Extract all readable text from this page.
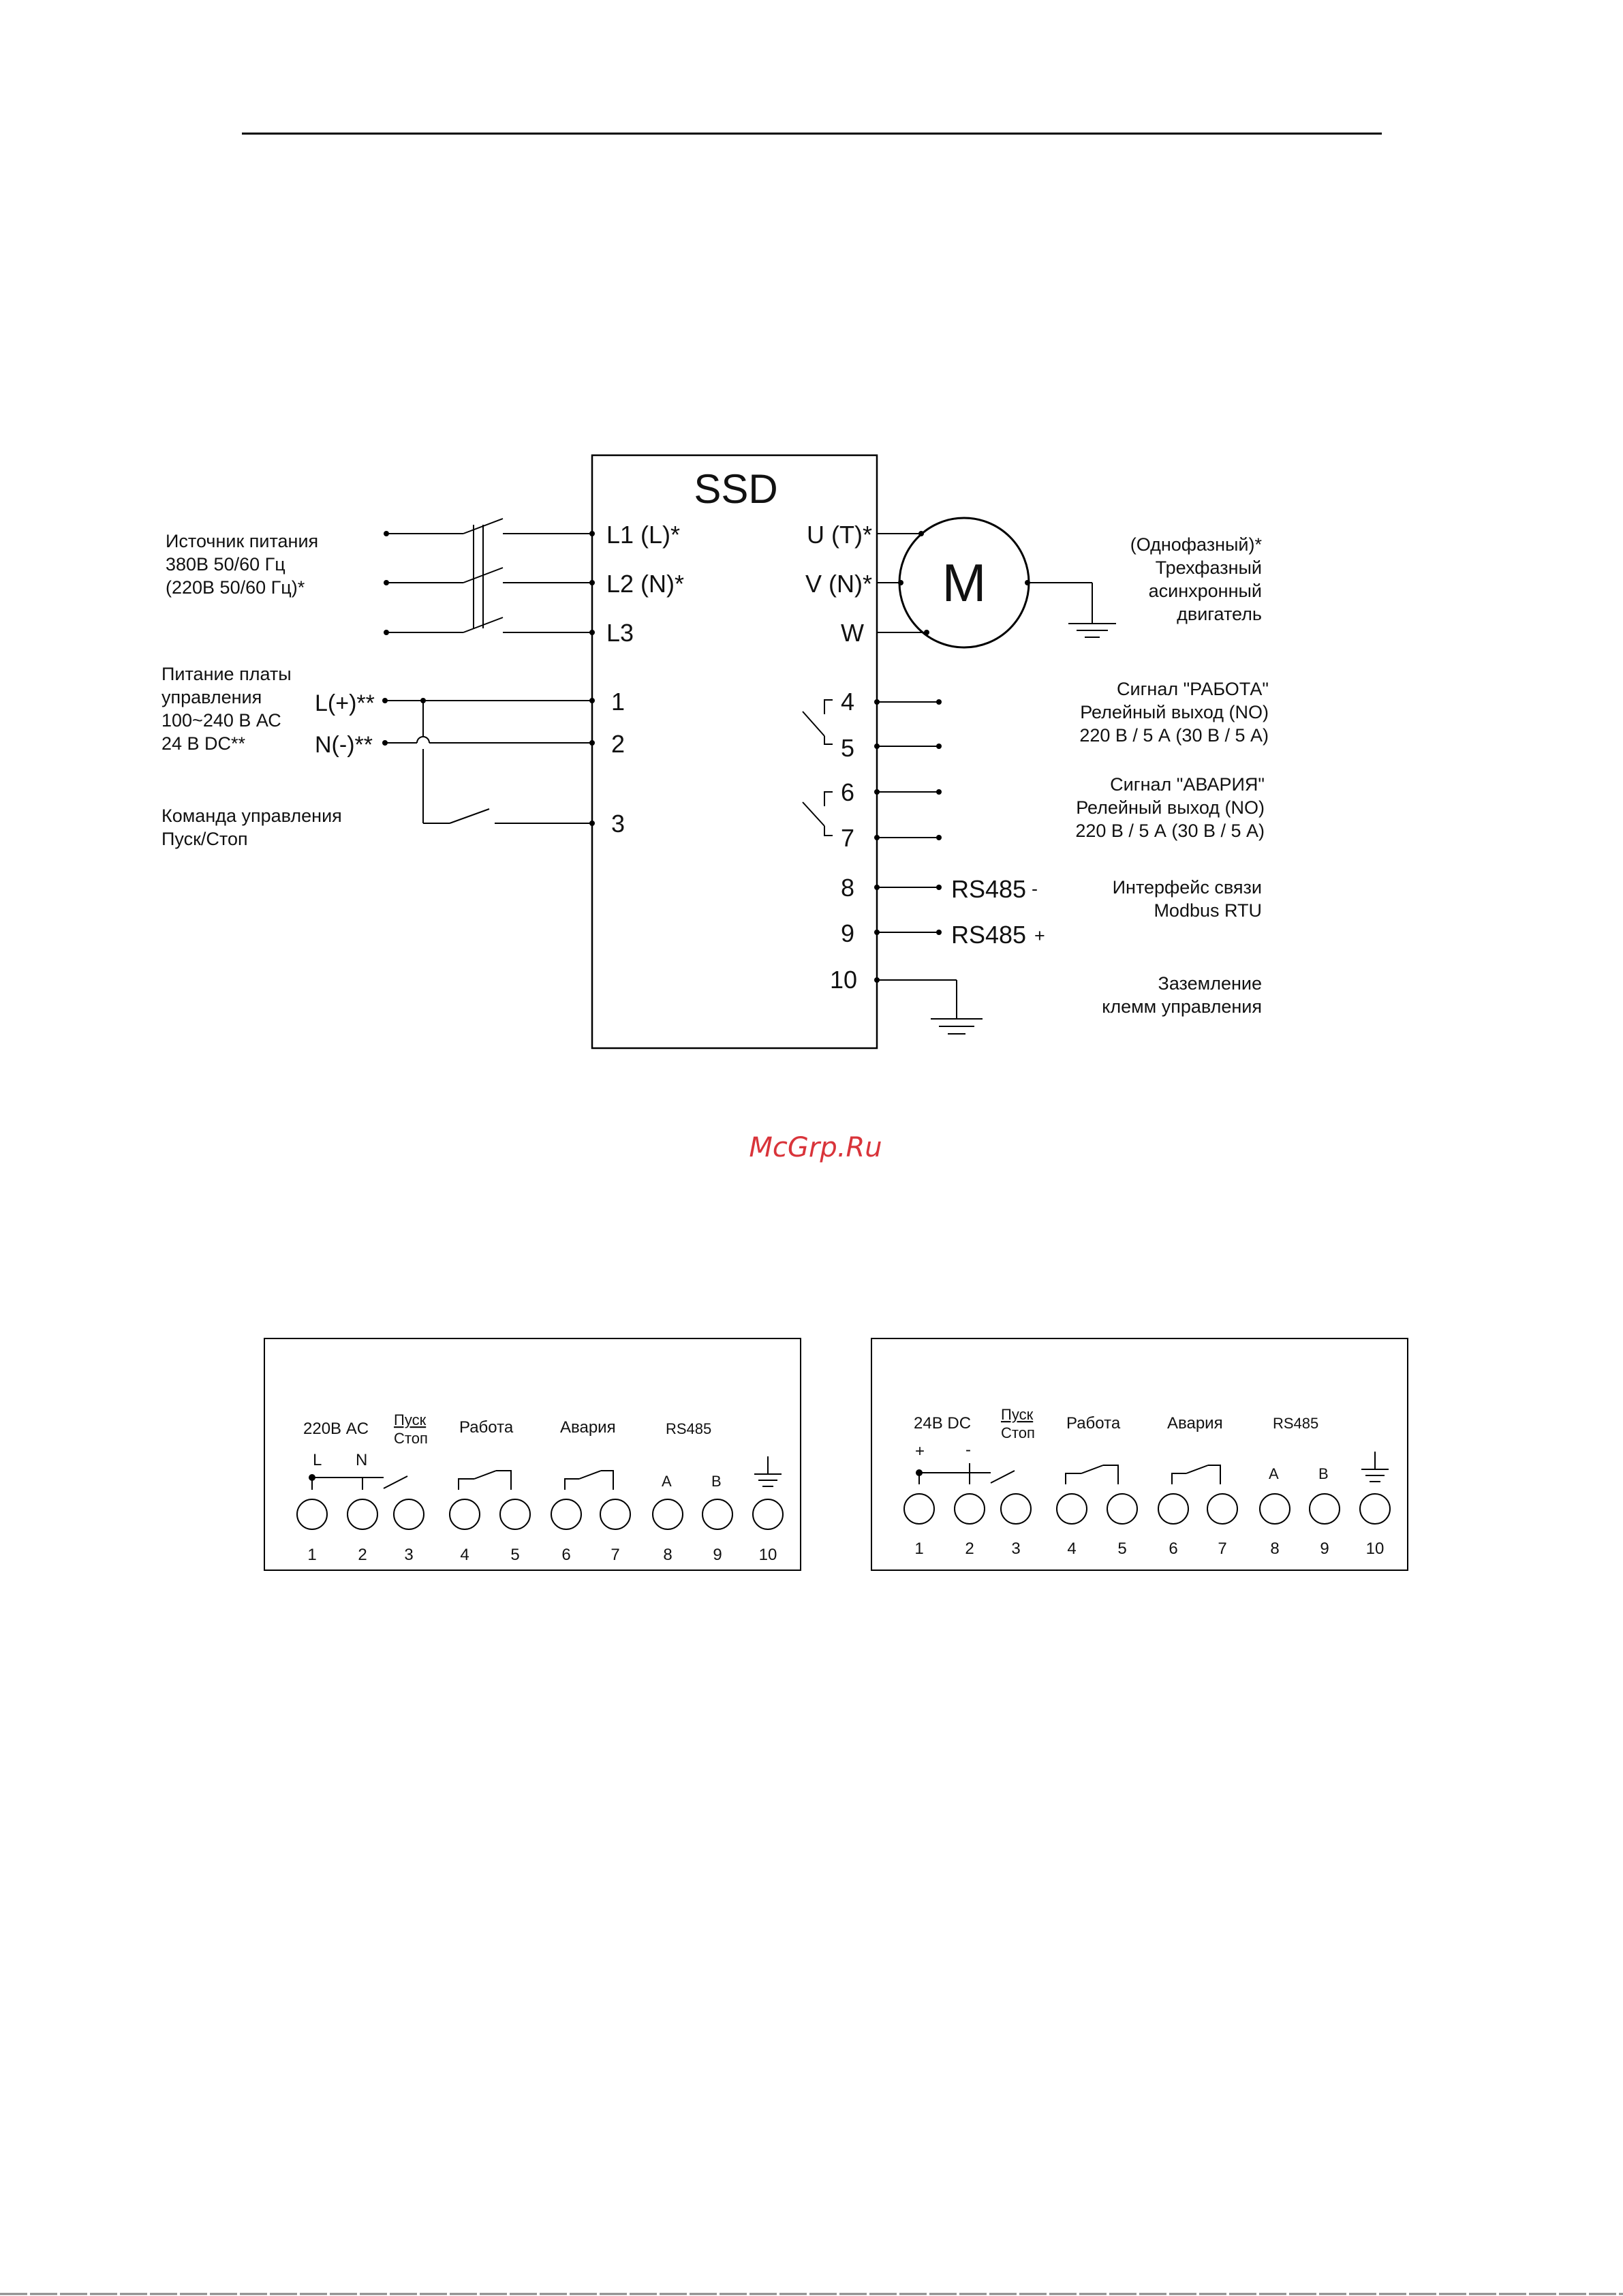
SSD
L1 (L)*
L2 (N)*
L3
1
2
3
U (T)*
V (N)*
W
4
5
6
7
8
9
10
Источник питания
380В 50/60 Гц
(220В 50/60 Гц)*
Питание платы
управления
100~240 В АС
24 В DC**
L(+)**
N(-)**
Команда управления
Пуск/Стоп
M
(Однофазный)*
Трехфазный
асинхронный
двигатель
RS485 -
RS485 +
Сигнал "РАБОТА"
Релейный выход (NO)
220 В / 5 А (30 В / 5 А)
Сигнал "АВАРИЯ"
Релейный выход (NO)
220 В / 5 А (30 В / 5 А)
Интерфейс связи
Modbus RTU
Заземление
клемм управления
McGrp.Ru
220В AC Пуск
Стоп
Работа	Авария	RS485
L N
A	B
1	2 3	4	5	6 7	8 9 10
24В DC Пуск
Стоп
Работа	Авария	RS485
+ -
A	B
1	2 3	4	5	6 7	8 9 10
